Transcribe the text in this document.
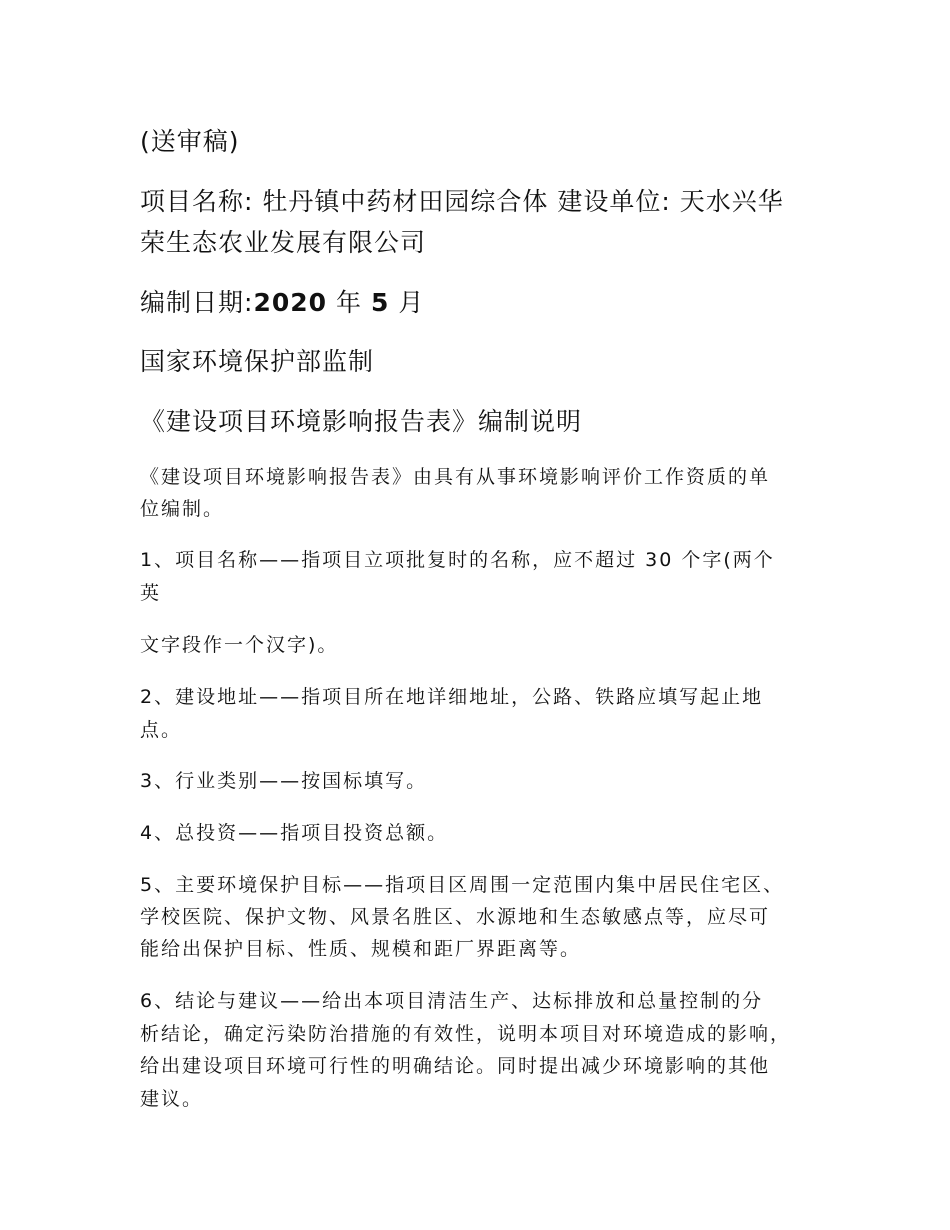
(送审稿)

项目名称: 牡丹镇中药材田园综合体 建设单位: 天水兴华

荣生态农业发展有限公司

编制日期:2020 年 5 月

国家环境保护部监制

《建设项目环境影响报告表》编制说明

《建设项目环境影响报告表》由具有从事环境影响评价工作资质的单

位编制。

1、项目名称——指项目立项批复时的名称，应不超过 30 个字(两个

英

文字段作一个汉字)。

2、建设地址——指项目所在地详细地址，公路、铁路应填写起止地

点。

3、行业类别——按国标填写。

4、总投资——指项目投资总额。

5、主要环境保护目标——指项目区周围一定范围内集中居民住宅区、

学校医院、保护文物、风景名胜区、水源地和生态敏感点等，应尽可

能给出保护目标、性质、规模和距厂界距离等。

6、结论与建议——给出本项目清洁生产、达标排放和总量控制的分

析结论，确定污染防治措施的有效性，说明本项目对环境造成的影响，

给出建设项目环境可行性的明确结论。同时提出减少环境影响的其他

建议。
